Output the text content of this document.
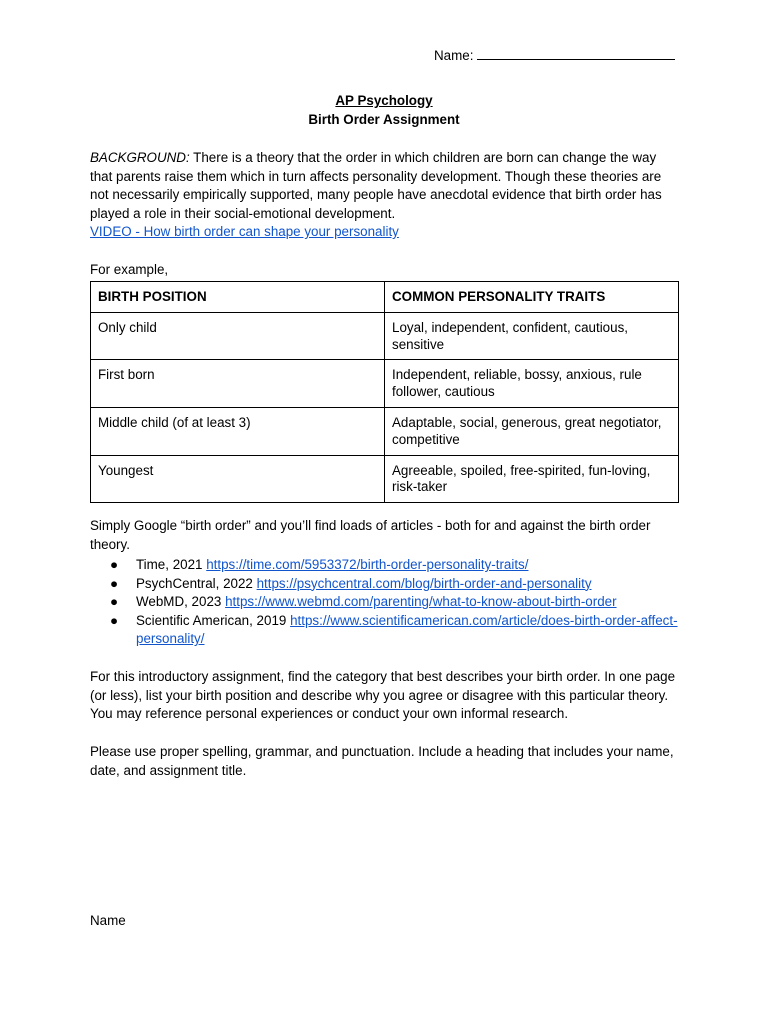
Name:
AP Psychology
Birth Order Assignment

BACKGROUND: There is a theory that the order in which children are born can change the way that parents raise them which in turn affects personality development. Though these theories are not necessarily empirically supported, many people have anecdotal evidence that birth order has played a role in their social-emotional development.

VIDEO - How birth order can shape your personality

For example,

BIRTH POSITION	COMMON PERSONALITY TRAITS
Only child	Loyal, independent, confident, cautious, sensitive
First born	Independent, reliable, bossy, anxious, rule follower, cautious
Middle child (of at least 3)	Adaptable, social, generous, great negotiator, competitive
Youngest	Agreeable, spoiled, free-spirited, fun-loving, risk-taker

Simply Google “birth order” and you’ll find loads of articles - both for and against the birth order theory.

● Time, 2021 https://time.com/5953372/birth-order-personality-traits/
● PsychCentral, 2022 https://psychcentral.com/blog/birth-order-and-personality
● WebMD, 2023 https://www.webmd.com/parenting/what-to-know-about-birth-order
● Scientific American, 2019 https://www.scientificamerican.com/article/does-birth-order-affect-personality/

For this introductory assignment, find the category that best describes your birth order. In one page (or less), list your birth position and describe why you agree or disagree with this particular theory. You may reference personal experiences or conduct your own informal research.

Please use proper spelling, grammar, and punctuation. Include a heading that includes your name, date, and assignment title.

Name
